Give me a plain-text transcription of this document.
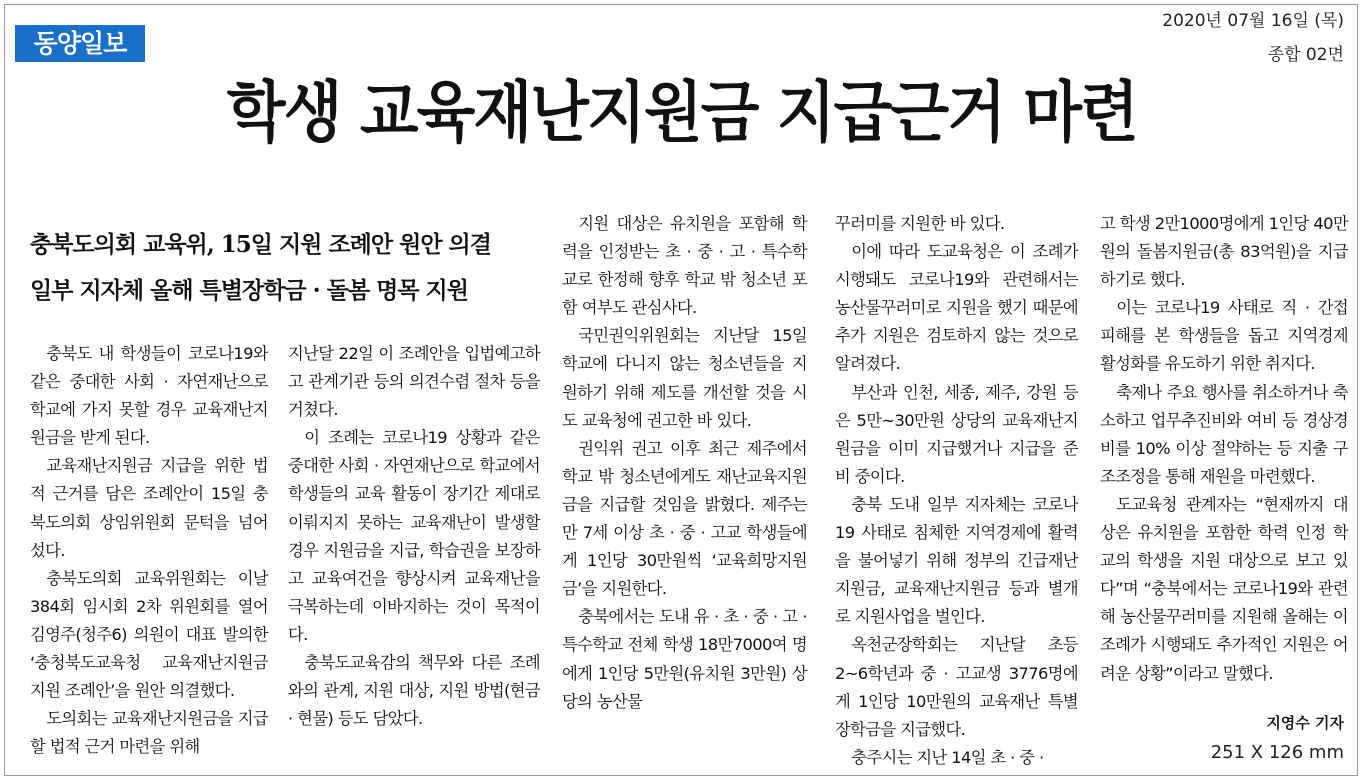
동양일보
2020년 07월 16일 (목)
종합 02면
학생 교육재난지원금 지급근거 마련
충북도의회 교육위, 15일 지원 조례안 원안 의결
일부 지자체 올해 특별장학금 · 돌봄 명목 지원

충북도 내 학생들이 코로나19와 같은 중대한 사회 · 자연재난으로 학교에 가지 못할 경우 교육재난지원금을 받게 된다.

교육재난지원금 지급을 위한 법적 근거를 담은 조례안이 15일 충북도의회 상임위원회 문턱을 넘어섰다.

충북도의회 교육위원회는 이날 384회 임시회 2차 위원회를 열어 김영주(청주6) 의원이 대표 발의한 ‘충청북도교육청 교육재난지원금 지원 조례안’을 원안 의결했다.

도의회는 교육재난지원금을 지급할 법적 근거 마련을 위해

지난달 22일 이 조례안을 입법예고하고 관계기관 등의 의견수렴 절차 등을 거쳤다.

이 조례는 코로나19 상황과 같은 중대한 사회 · 자연재난으로 학교에서 학생들의 교육 활동이 장기간 제대로 이뤄지지 못하는 교육재난이 발생할 경우 지원금을 지급, 학습권을 보장하고 교육여건을 향상시켜 교육재난을 극복하는데 이바지하는 것이 목적이다.

충북도교육감의 책무와 다른 조례와의 관계, 지원 대상, 지원 방법(현금 · 현물) 등도 담았다.

지원 대상은 유치원을 포함해 학력을 인정받는 초 · 중 · 고 · 특수학교로 한정해 향후 학교 밖 청소년 포함 여부도 관심사다.

국민권익위원회는 지난달 15일 학교에 다니지 않는 청소년들을 지원하기 위해 제도를 개선할 것을 시도 교육청에 권고한 바 있다.

권익위 권고 이후 최근 제주에서 학교 밖 청소년에게도 재난교육지원금을 지급할 것임을 밝혔다. 제주는 만 7세 이상 초 · 중 · 고교 학생들에게 1인당 30만원씩 ‘교육희망지원금’을 지원한다.

충북에서는 도내 유 · 초 · 중 · 고 · 특수학교 전체 학생 18만7000여 명에게 1인당 5만원(유치원 3만원) 상당의 농산물

꾸러미를 지원한 바 있다.

이에 따라 도교육청은 이 조례가 시행돼도 코로나19와 관련해서는 농산물꾸러미로 지원을 했기 때문에 추가 지원은 검토하지 않는 것으로 알려졌다.

부산과 인천, 세종, 제주, 강원 등은 5만~30만원 상당의 교육재난지원금을 이미 지급했거나 지급을 준비 중이다.

충북 도내 일부 지자체는 코로나19 사태로 침체한 지역경제에 활력을 불어넣기 위해 정부의 긴급재난지원금, 교육재난지원금 등과 별개로 지원사업을 벌인다.

옥천군장학회는 지난달 초등 2~6학년과 중 · 고교생 3776명에게 1인당 10만원의 교육재난 특별장학금을 지급했다.

충주시는 지난 14일 초 · 중 ·

고 학생 2만1000명에게 1인당 40만원의 돌봄지원금(총 83억원)을 지급하기로 했다.

이는 코로나19 사태로 직 · 간접 피해를 본 학생들을 돕고 지역경제 활성화를 유도하기 위한 취지다.

축제나 주요 행사를 취소하거나 축소하고 업무추진비와 여비 등 경상경비를 10% 이상 절약하는 등 지출 구조조정을 통해 재원을 마련했다.

도교육청 관계자는 “현재까지 대상은 유치원을 포함한 학력 인정 학교의 학생을 지원 대상으로 보고 있다”며 “충북에서는 코로나19와 관련해 농산물꾸러미를 지원해 올해는 이 조례가 시행돼도 추가적인 지원은 어려운 상황”이라고 말했다.

지영수 기자
251 X 126 mm
